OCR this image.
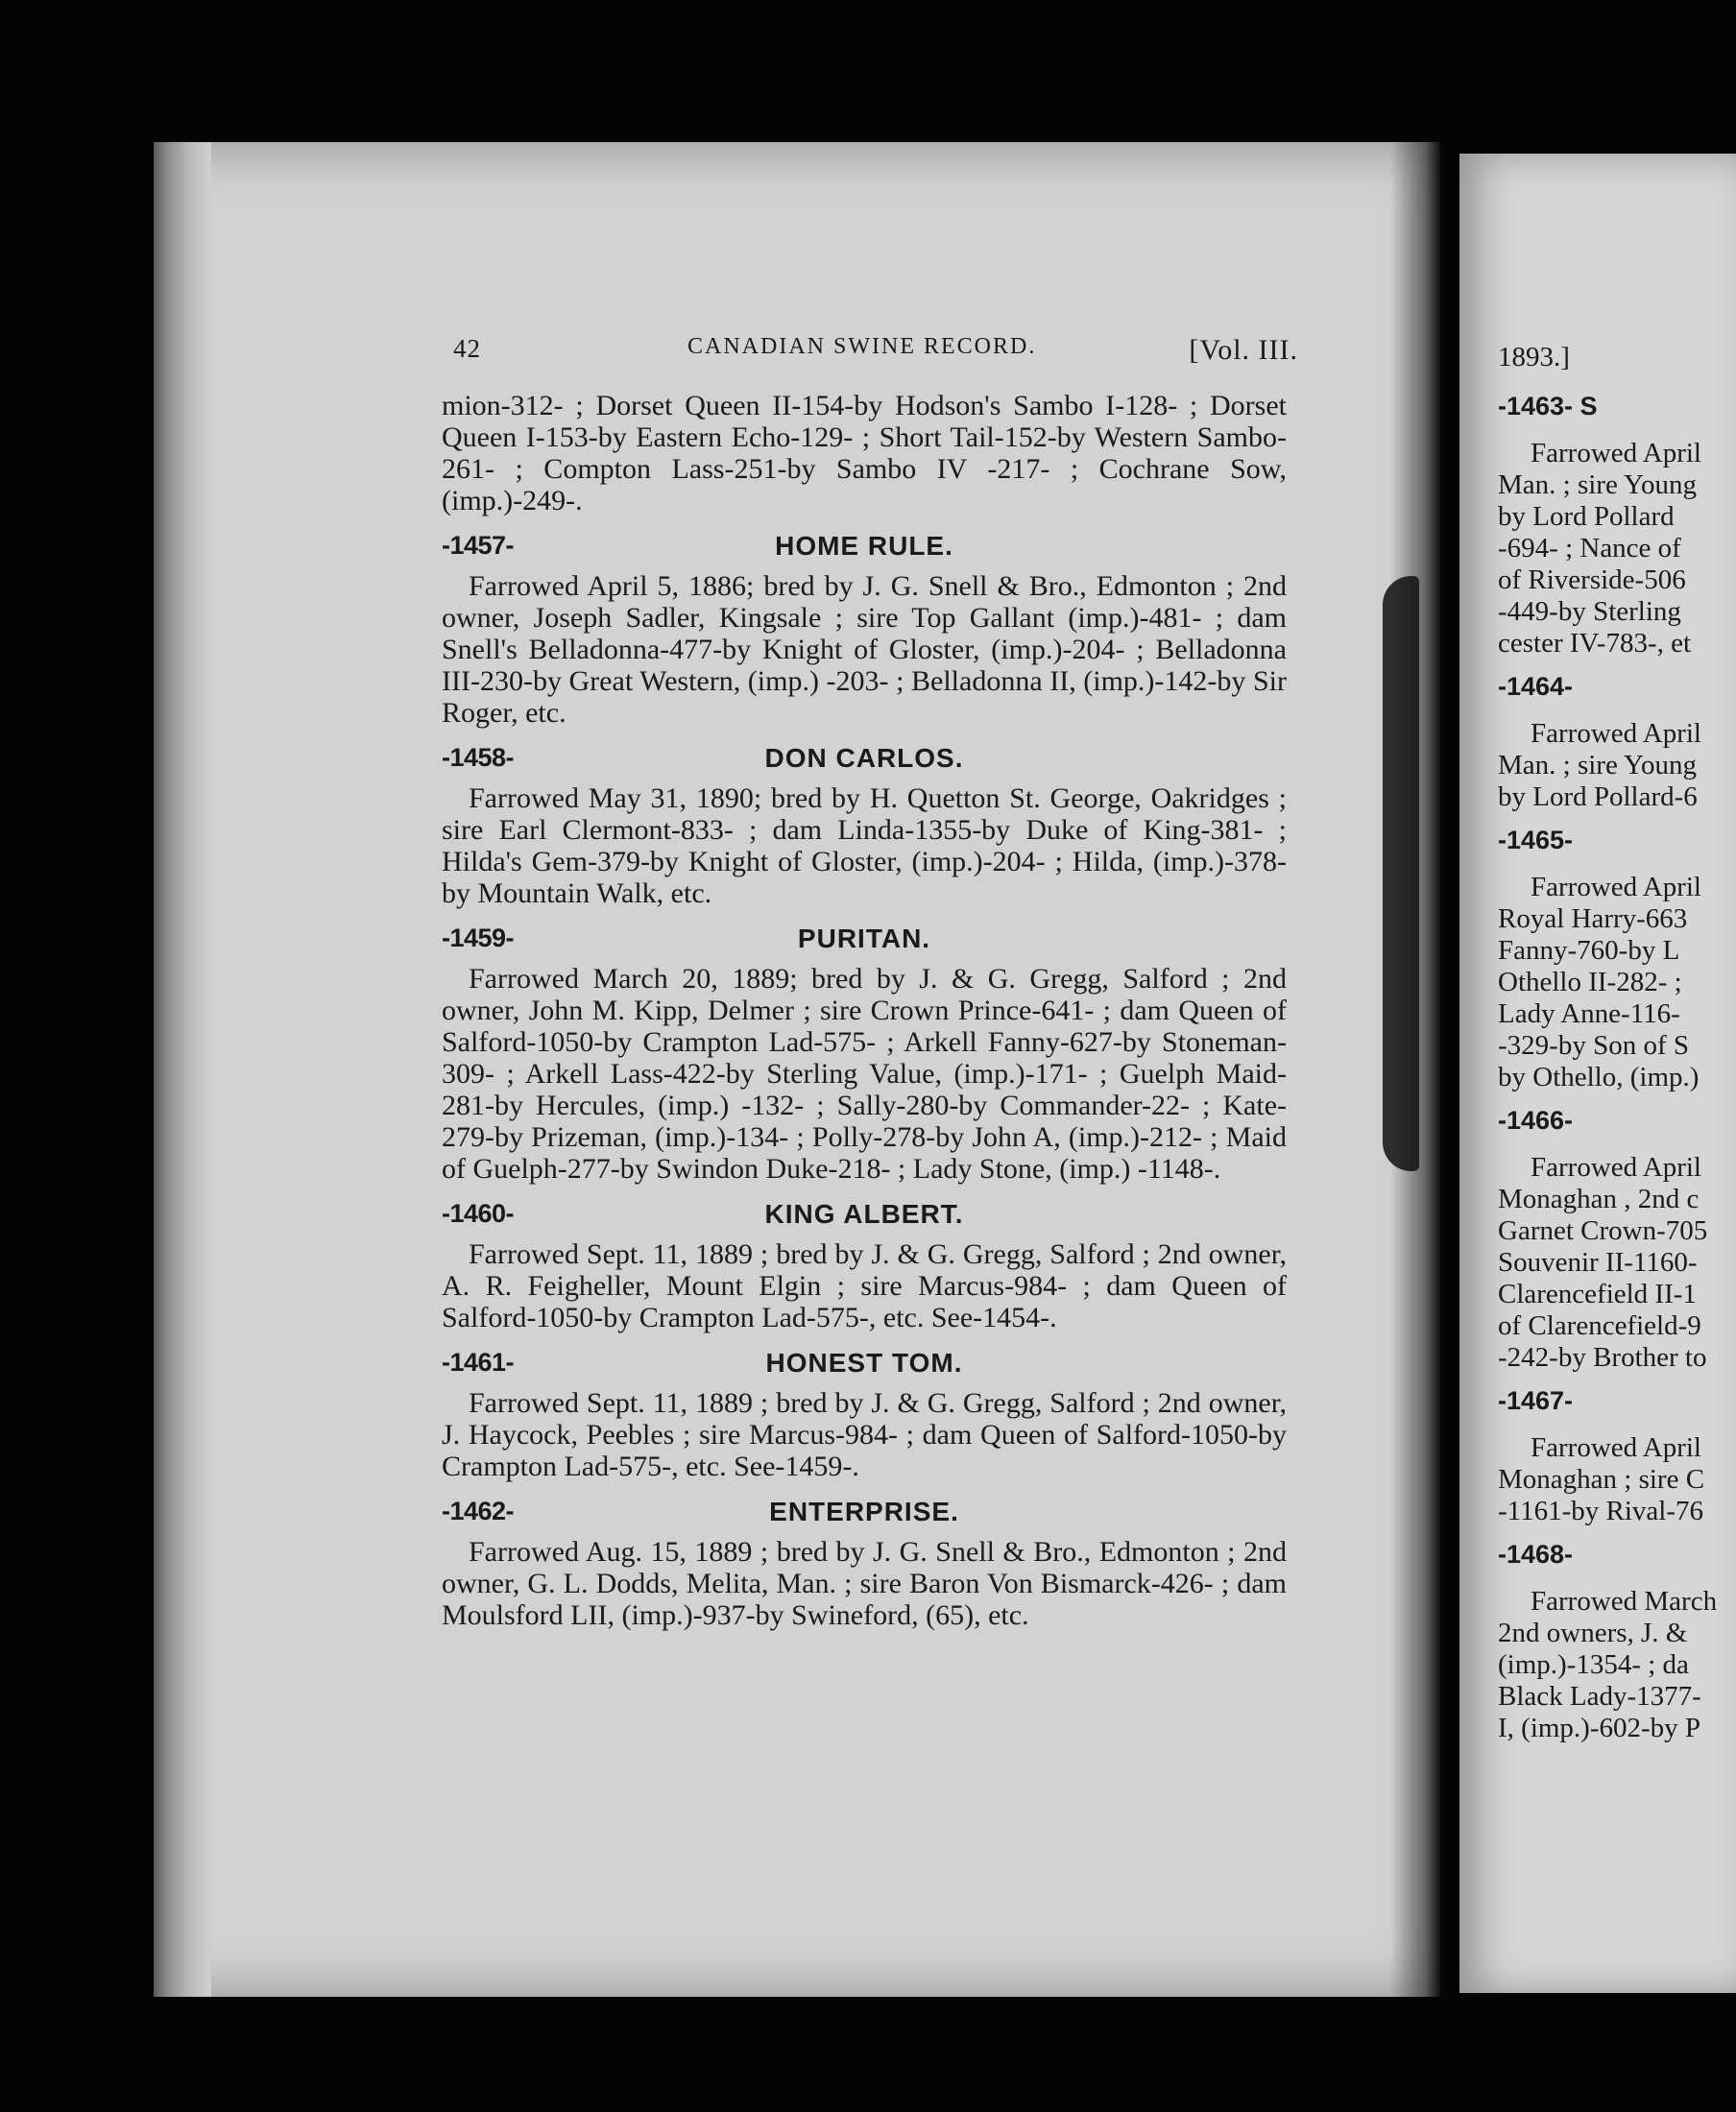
42	CANADIAN SWINE RECORD.	[Vol. III.

mion-312- ; Dorset Queen II-154-by Hodson's Sambo I-128- ; Dorset Queen I-153-by Eastern Echo-129- ; Short Tail-152-by Western Sambo-261- ; Compton Lass-251-by Sambo IV -217- ; Cochrane Sow, (imp.)-249-.

-1457-	HOME RULE.

Farrowed April 5, 1886; bred by J. G. Snell & Bro., Edmonton ; 2nd owner, Joseph Sadler, Kingsale ; sire Top Gallant (imp.)-481- ; dam Snell's Belladonna-477-by Knight of Gloster, (imp.)-204- ; Belladonna III-230-by Great Western, (imp.) -203- ; Belladonna II, (imp.)-142-by Sir Roger, etc.

-1458-	DON CARLOS.

Farrowed May 31, 1890; bred by H. Quetton St. George, Oakridges ; sire Earl Clermont-833- ; dam Linda-1355-by Duke of King-381- ; Hilda's Gem-379-by Knight of Gloster, (imp.)-204- ; Hilda, (imp.)-378-by Mountain Walk, etc.

-1459-	PURITAN.

Farrowed March 20, 1889; bred by J. & G. Gregg, Salford ; 2nd owner, John M. Kipp, Delmer ; sire Crown Prince-641- ; dam Queen of Salford-1050-by Crampton Lad-575- ; Arkell Fanny-627-by Stoneman-309- ; Arkell Lass-422-by Sterling Value, (imp.)-171- ; Guelph Maid-281-by Hercules, (imp.) -132- ; Sally-280-by Commander-22- ; Kate-279-by Prizeman, (imp.)-134- ; Polly-278-by John A, (imp.)-212- ; Maid of Guelph-277-by Swindon Duke-218- ; Lady Stone, (imp.) -1148-.

-1460-	KING ALBERT.

Farrowed Sept. 11, 1889 ; bred by J. & G. Gregg, Salford ; 2nd owner, A. R. Feigheller, Mount Elgin ; sire Marcus-984- ; dam Queen of Salford-1050-by Crampton Lad-575-, etc. See-1454-.

-1461-	HONEST TOM.

Farrowed Sept. 11, 1889 ; bred by J. & G. Gregg, Salford ; 2nd owner, J. Haycock, Peebles ; sire Marcus-984- ; dam Queen of Salford-1050-by Crampton Lad-575-, etc. See-1459-.

-1462-	ENTERPRISE.

Farrowed Aug. 15, 1889 ; bred by J. G. Snell & Bro., Edmonton ; 2nd owner, G. L. Dodds, Melita, Man. ; sire Baron Von Bismarck-426- ; dam Moulsford LII, (imp.)-937-by Swineford, (65), etc.

1893.]
-1463- S
Farrowed April
Man. ; sire Young
by Lord Pollard
-694- ; Nance of
of Riverside-506
-449-by Sterling
cester IV-783-, et
-1464-
Farrowed April
Man. ; sire Young
by Lord Pollard-6
-1465-
Farrowed April
Royal Harry-663
Fanny-760-by L
Othello II-282- ;
Lady Anne-116-
-329-by Son of S
by Othello, (imp.)
-1466-
Farrowed April
Monaghan , 2nd c
Garnet Crown-705
Souvenir II-1160-
Clarencefield II-1
of Clarencefield-9
-242-by Brother to
-1467-
Farrowed April
Monaghan ; sire C
-1161-by Rival-76
-1468-
Farrowed March
2nd owners, J. &
(imp.)-1354- ; da
Black Lady-1377-
I, (imp.)-602-by P
